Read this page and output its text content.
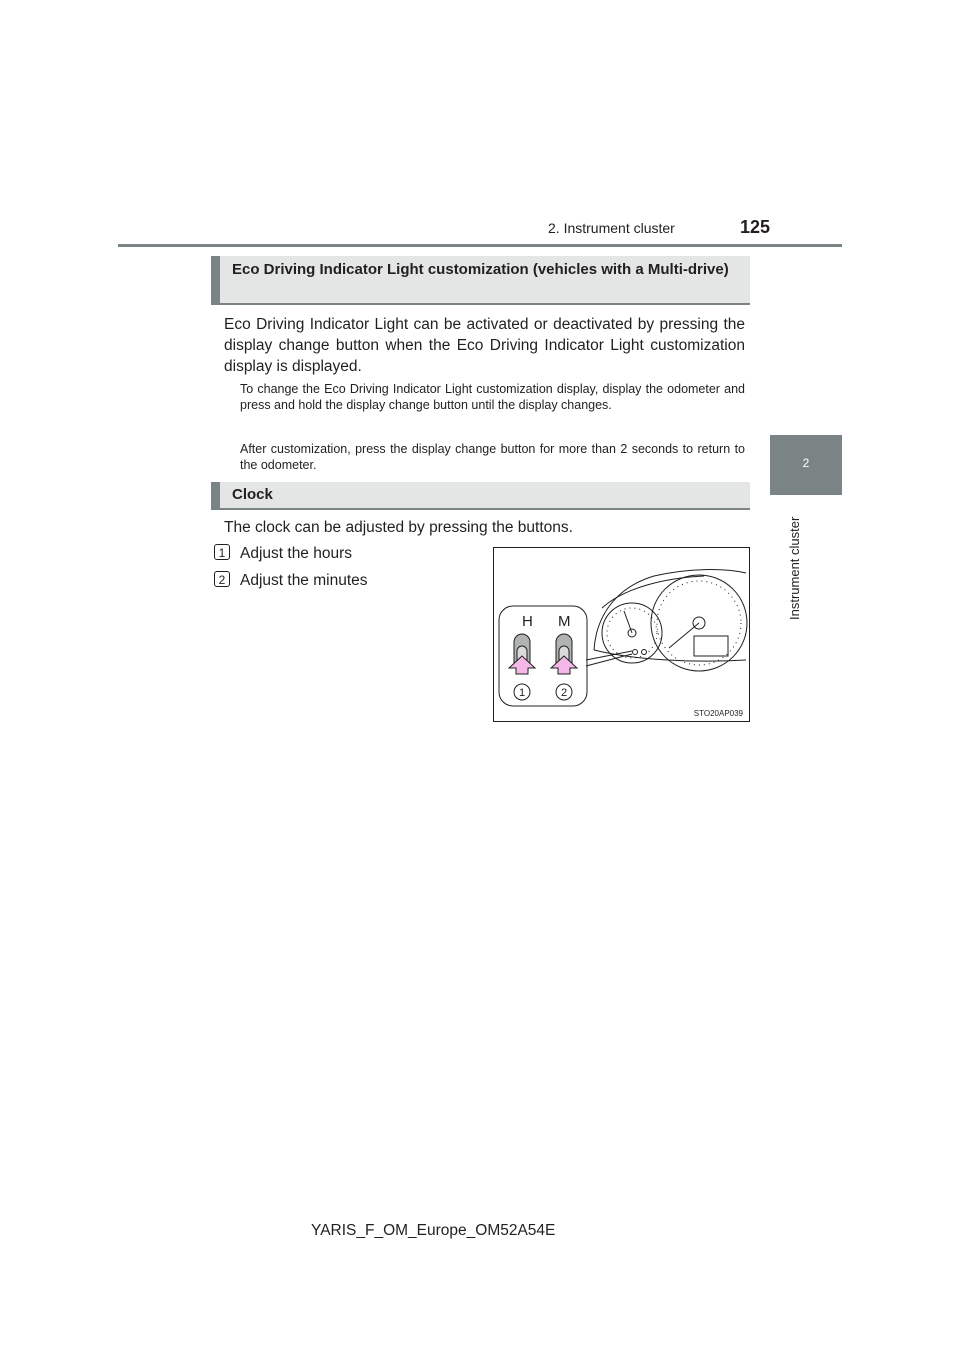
2. Instrument cluster	125
2
Instrument cluster
Eco Driving Indicator Light customization (vehicles with a Multi-drive)
Eco Driving Indicator Light can be activated or deactivated by pressing the display change button when the Eco Driving Indicator Light customization display is displayed.
To change the Eco Driving Indicator Light customization display, display the odometer and press and hold the display change button until the display changes.
After customization, press the display change button for more than 2 seconds to return to the odometer.
Clock
The clock can be adjusted by pressing the buttons.
1 Adjust the hours
2 Adjust the minutes
H M
1	2
STO20AP039
YARIS_F_OM_Europe_OM52A54E
